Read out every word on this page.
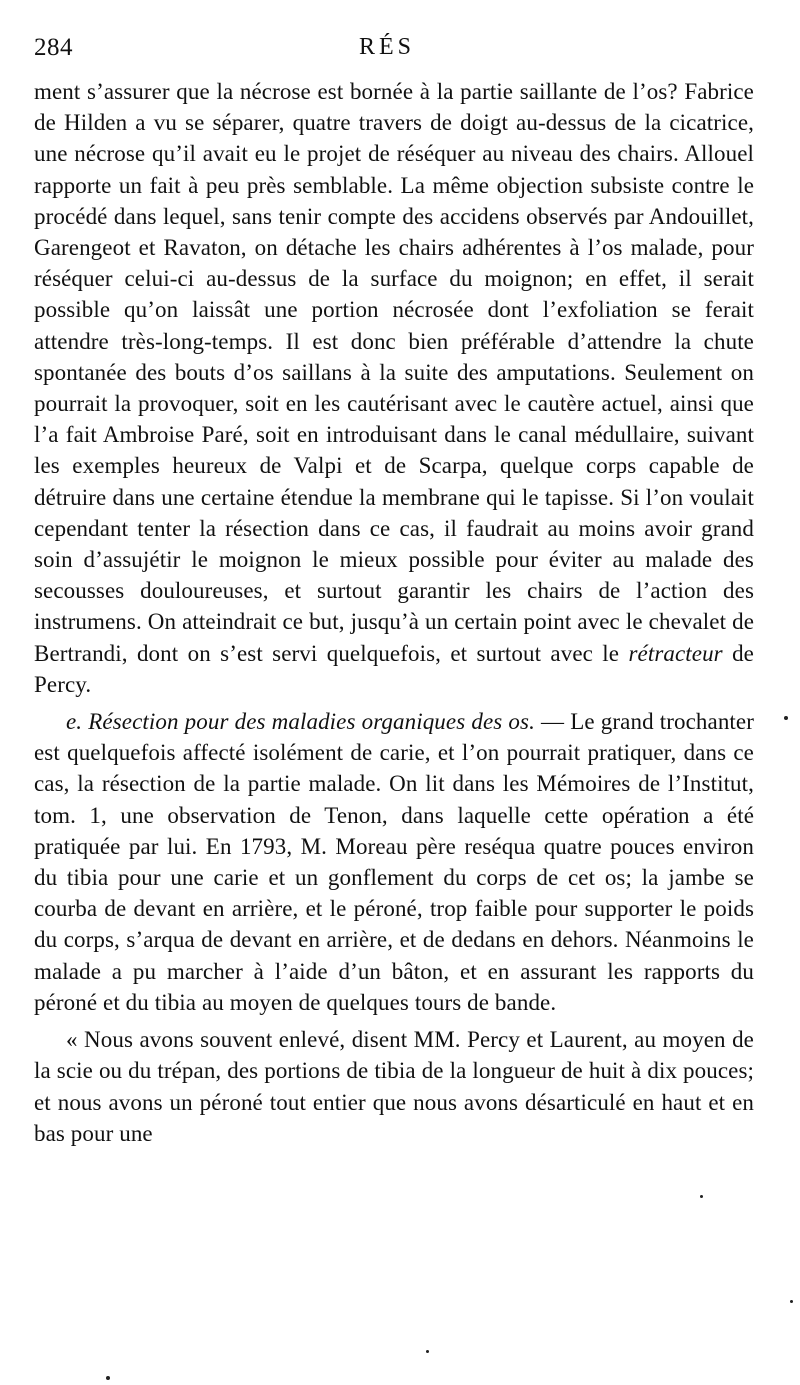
284	RÉS

ment s’assurer que la nécrose est bornée à la partie saillante de l’os? Fabrice de Hilden a vu se séparer, quatre travers de doigt au-dessus de la cicatrice, une nécrose qu’il avait eu le projet de réséquer au niveau des chairs. Allouel rapporte un fait à peu près semblable. La même objection subsiste contre le procédé dans lequel, sans tenir compte des accidens observés par Andouillet, Garengeot et Ravaton, on détache les chairs adhérentes à l’os malade, pour réséquer celui-ci au-dessus de la surface du moignon; en effet, il serait possible qu’on laissât une portion nécrosée dont l’exfoliation se ferait attendre très-long-temps. Il est donc bien préférable d’attendre la chute spontanée des bouts d’os saillans à la suite des amputations. Seulement on pourrait la provoquer, soit en les cautérisant avec le cautère actuel, ainsi que l’a fait Ambroise Paré, soit en introduisant dans le canal médullaire, suivant les exemples heureux de Valpi et de Scarpa, quelque corps capable de détruire dans une certaine étendue la membrane qui le tapisse. Si l’on voulait cependant tenter la résection dans ce cas, il faudrait au moins avoir grand soin d’assujétir le moignon le mieux possible pour éviter au malade des secousses douloureuses, et surtout garantir les chairs de l’action des instrumens. On atteindrait ce but, jusqu’à un certain point avec le chevalet de Bertrandi, dont on s’est servi quelquefois, et surtout avec le rétracteur de Percy.

e. Résection pour des maladies organiques des os. — Le grand trochanter est quelquefois affecté isolément de carie, et l’on pourrait pratiquer, dans ce cas, la résection de la partie malade. On lit dans les Mémoires de l’Institut, tom. 1, une observation de Tenon, dans laquelle cette opération a été pratiquée par lui. En 1793, M. Moreau père reséqua quatre pouces environ du tibia pour une carie et un gonflement du corps de cet os; la jambe se courba de devant en arrière, et le péroné, trop faible pour supporter le poids du corps, s’arqua de devant en arrière, et de dedans en dehors. Néanmoins le malade a pu marcher à l’aide d’un bâton, et en assurant les rapports du péroné et du tibia au moyen de quelques tours de bande.

« Nous avons souvent enlevé, disent MM. Percy et Laurent, au moyen de la scie ou du trépan, des portions de tibia de la longueur de huit à dix pouces; et nous avons un péroné tout entier que nous avons désarticulé en haut et en bas pour une
